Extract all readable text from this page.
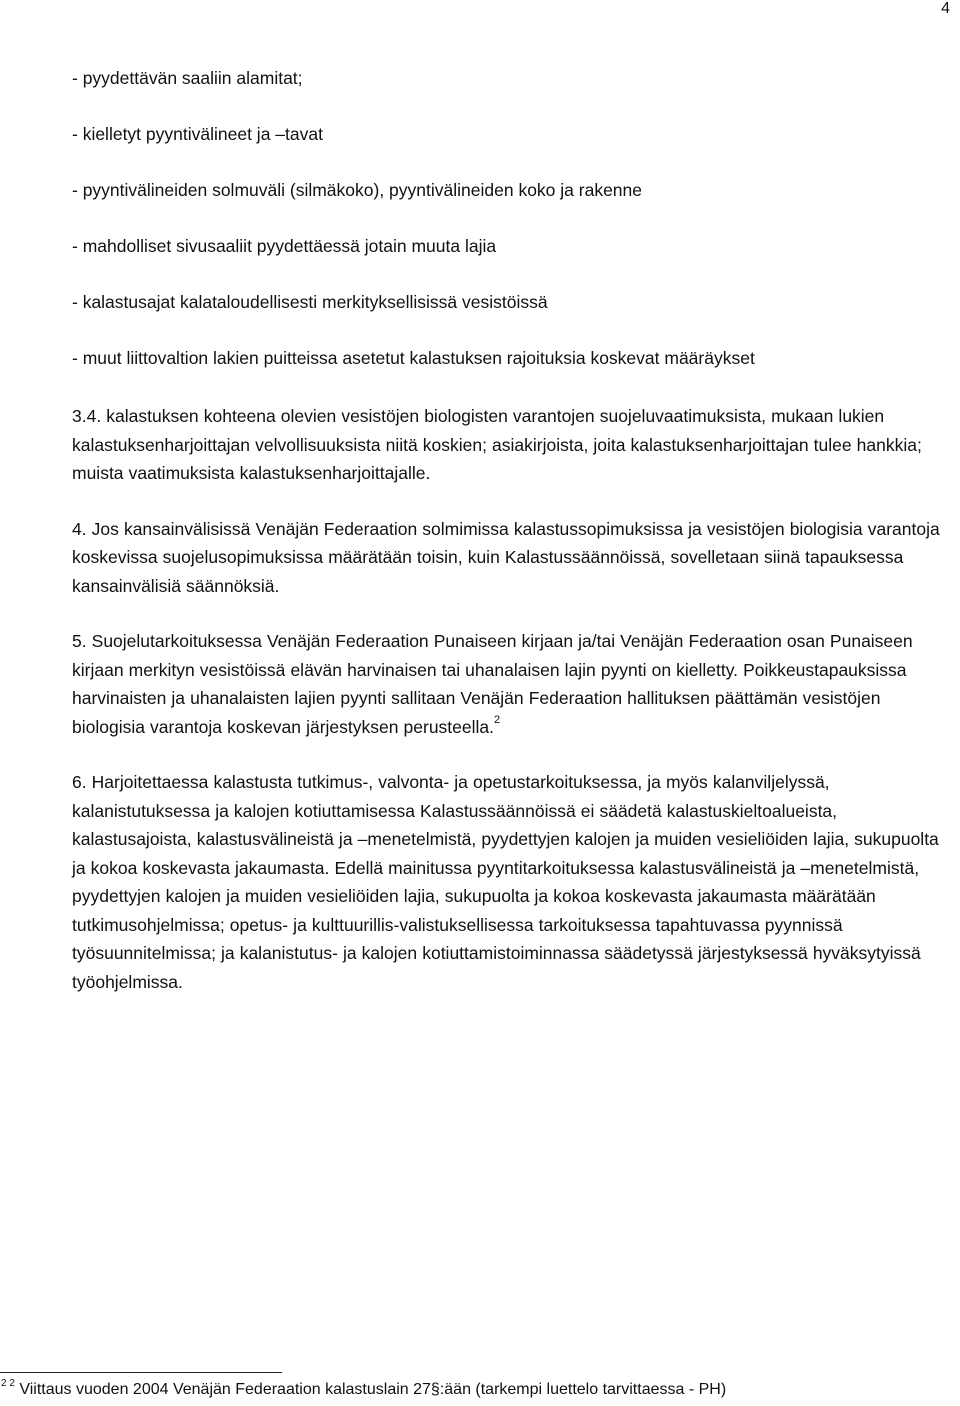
4

- pyydettävän saaliin alamitat;

- kielletyt pyyntivälineet ja –tavat

- pyyntivälineiden solmuväli (silmäkoko), pyyntivälineiden koko ja rakenne

- mahdolliset sivusaaliit pyydettäessä jotain muuta lajia

- kalastusajat kalataloudellisesti merkityksellisissä vesistöissä

- muut liittovaltion lakien puitteissa asetetut kalastuksen rajoituksia koskevat määräykset

3.4. kalastuksen kohteena olevien vesistöjen biologisten varantojen suojeluvaatimuksista, mukaan lukien kalastuksenharjoittajan velvollisuuksista niitä koskien; asiakirjoista, joita kalastuksenharjoittajan tulee hankkia; muista vaatimuksista kalastuksenharjoittajalle.

4. Jos kansainvälisissä Venäjän Federaation solmimissa kalastussopimuksissa ja vesistöjen biologisia varantoja koskevissa suojelusopimuksissa määrätään toisin, kuin Kalastussäännöissä, sovelletaan siinä tapauksessa kansainvälisiä säännöksiä.

5. Suojelutarkoituksessa Venäjän Federaation Punaiseen kirjaan ja/tai Venäjän Federaation osan Punaiseen kirjaan merkityn vesistöissä elävän harvinaisen tai uhanalaisen lajin pyynti on kielletty. Poikkeustapauksissa harvinaisten ja uhanalaisten lajien pyynti sallitaan Venäjän Federaation hallituksen päättämän vesistöjen biologisia varantoja koskevan järjestyksen perusteella.$^2$

6. Harjoitettaessa kalastusta tutkimus-, valvonta- ja opetustarkoituksessa, ja myös kalanviljelyssä, kalanistutuksessa ja kalojen kotiuttamisessa Kalastussäännöissä ei säädetä kalastuskieltoalueista, kalastusajoista, kalastusvälineistä ja –menetelmistä, pyydettyjen kalojen ja muiden vesieliöiden lajia, sukupuolta ja kokoa koskevasta jakaumasta. Edellä mainitussa pyyntitarkoituksessa kalastusvälineistä ja –menetelmistä, pyydettyjen kalojen ja muiden vesieliöiden lajia, sukupuolta ja kokoa koskevasta jakaumasta määrätään tutkimusohjelmissa; opetus- ja kulttuurillis-valistuksellisessa tarkoituksessa tapahtuvassa pyynnissä työsuunnitelmissa; ja kalanistutus- ja kalojen kotiuttamistoiminnassa säädetyssä järjestyksessä hyväksytyissä työohjelmissa.

$^{2 2}$ Viittaus vuoden 2004 Venäjän Federaation kalastuslain 27§:ään (tarkempi luettelo tarvittaessa - PH)
